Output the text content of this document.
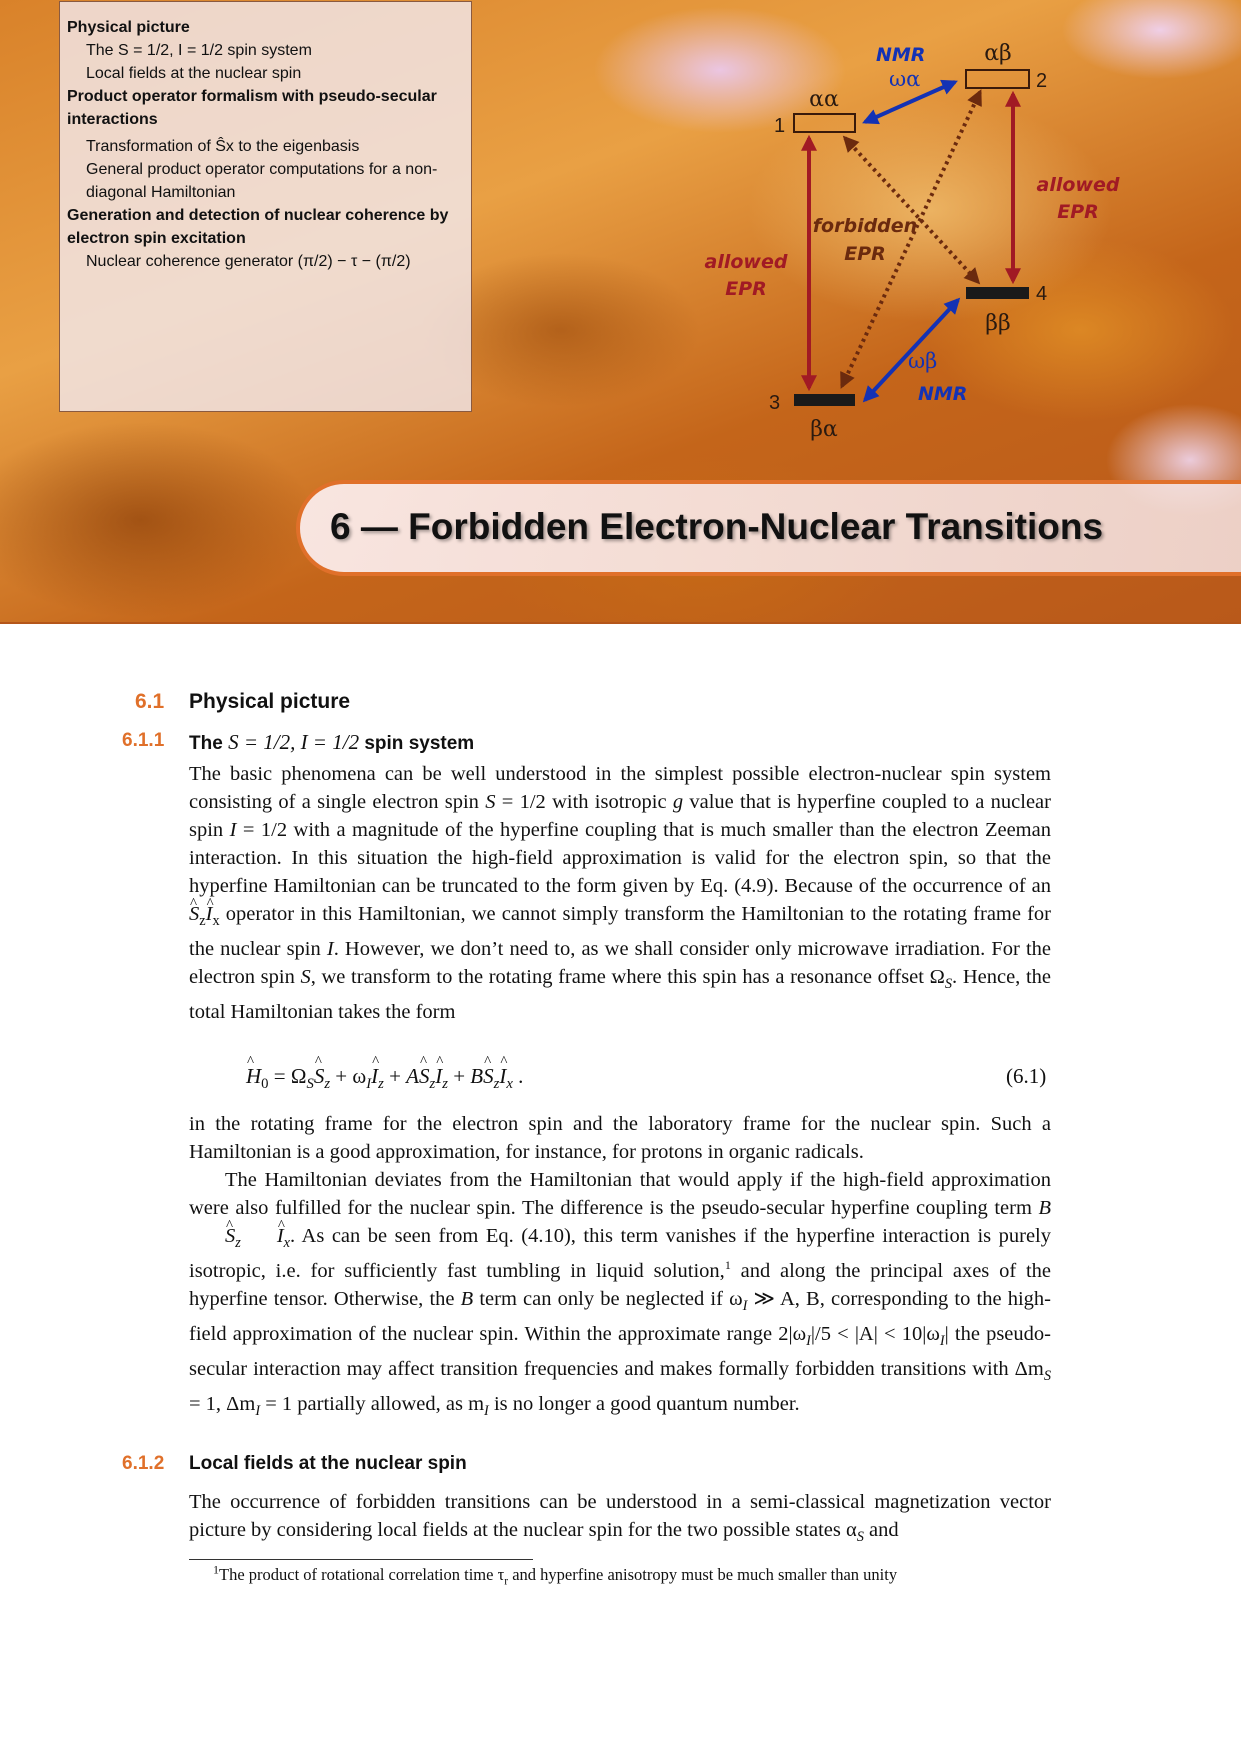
Physical picture
The S = 1/2, I = 1/2 spin system
Local fields at the nuclear spin
Product operator formalism with pseudo-secular interactions
Transformation of Ŝx to the eigenbasis
General product operator computations for a non-diagonal Hamiltonian
Generation and detection of nuclear coherence by electron spin excitation
Nuclear coherence generator (π/2) − τ − (π/2)
1
2
3
4
αα
αβ
βα
ββ
NMR
NMR
ωα
ωβ
allowed
EPR
allowed
EPR
forbidden
EPR
6 — Forbidden Electron-Nuclear Transitions
6.1 Physical picture
6.1.1 The S = 1/2, I = 1/2 spin system

The basic phenomena can be well understood in the simplest possible electron-nuclear spin system consisting of a single electron spin S = 1/2 with isotropic g value that is hyperfine coupled to a nuclear spin I = 1/2 with a magnitude of the hyperfine coupling that is much smaller than the electron Zeeman interaction. In this situation the high-field approximation is valid for the electron spin, so that the hyperfine Hamiltonian can be truncated to the form given by Eq. (4.9). Because of the occurrence of an ^ $S_z\^{}$ $I_x$ operator in this Hamiltonian, we cannot simply transform the Hamiltonian to the rotating frame for the nuclear spin I. However, we don’t need to, as we shall consider only microwave irradiation. For the electron spin S, we transform to the rotating frame where this spin has a resonance offset $\Omega_S$. Hence, the total Hamiltonian takes the form

^ $H_0$ = $\Omega_S\^{}$ $S_z$ + $\omega_I\^{}$ $I_z$ + A^ $S_z\^{}$ $I_z$ + B^ $S_z\^{}$ $I_x$ .	(6.1)

in the rotating frame for the electron spin and the laboratory frame for the nuclear spin. Such a Hamiltonian is a good approximation, for instance, for protons in organic radicals.

The Hamiltonian deviates from the Hamiltonian that would apply if the high-field approximation were also fulfilled for the nuclear spin. The difference is the pseudo-secular hyperfine coupling term B^ $S_z\^{}$ $I_x$. As can be seen from Eq. (4.10), this term vanishes if the hyperfine interaction is purely isotropic, i.e. for sufficiently fast tumbling in liquid solution,$^1$ and along the principal axes of the hyperfine tensor. Otherwise, the B term can only be neglected if $\omega_I$ ≫ A, B, corresponding to the high-field approximation of the nuclear spin. Within the approximate range $2|\omega_I|/5 < |A| < 10|\omega_I|$ the pseudo-secular interaction may affect transition frequencies and makes formally forbidden transitions with $\Delta m_S = 1$, $\Delta m_I = 1$ partially allowed, as $m_I$ is no longer a good quantum number.

6.1.2 Local fields at the nuclear spin

The occurrence of forbidden transitions can be understood in a semi-classical magnetization vector picture by considering local fields at the nuclear spin for the two possible states $\alpha_S$ and

$^1$The product of rotational correlation time $\tau_r$ and hyperfine anisotropy must be much smaller than unity
